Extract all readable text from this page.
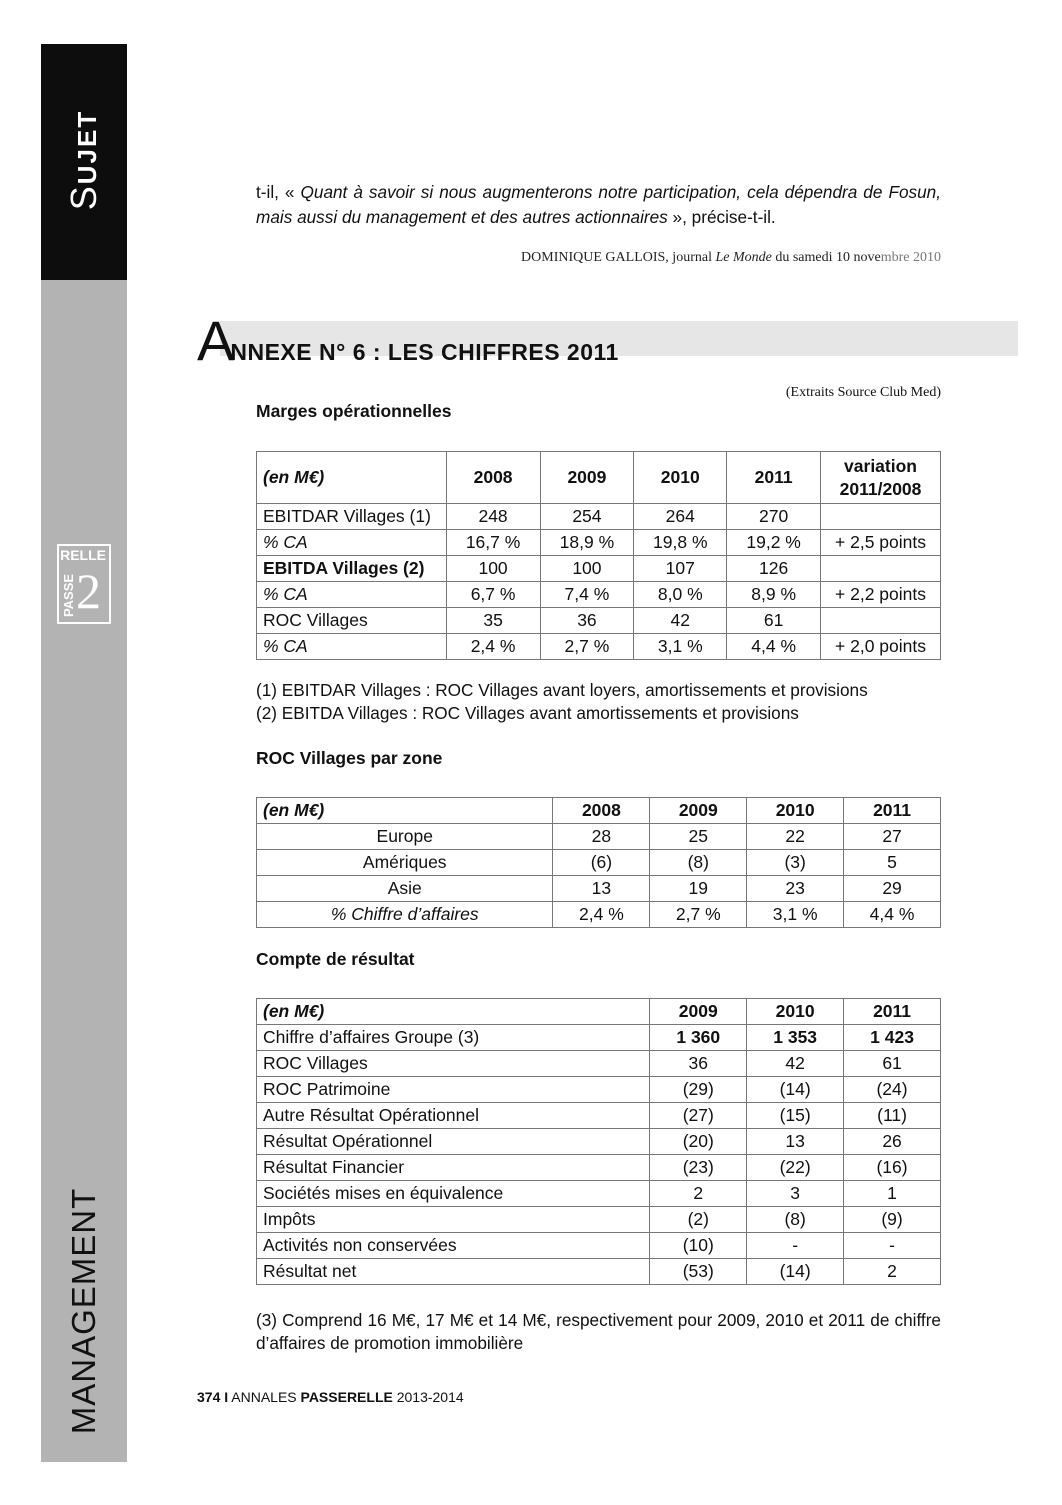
SUJET
RELLE
PASSE 2
MANAGEMENT
t-il, « Quant à savoir si nous augmenterons notre participation, cela dépendra de Fosun, mais aussi du management et des autres actionnaires », précise-t-il.
DOMINIQUE GALLOIS, journal Le Monde du samedi 10 novembre 2010
ANNEXE N° 6 : LES CHIFFRES 2011
(Extraits Source Club Med)
Marges opérationnelles
(en M€)	2008	2009	2010	2011	variation
2011/2008
EBITDAR Villages (1)	248	254	264	270	
% CA	16,7 %	18,9 %	19,8 %	19,2 %	+ 2,5 points
EBITDA Villages (2)	100	100	107	126	
% CA	6,7 %	7,4 %	8,0 %	8,9 %	+ 2,2 points
ROC Villages	35	36	42	61	
% CA	2,4 %	2,7 %	3,1 %	4,4 %	+ 2,0 points
(1) EBITDAR Villages : ROC Villages avant loyers, amortissements et provisions
(2) EBITDA Villages : ROC Villages avant amortissements et provisions
ROC Villages par zone
(en M€)	2008	2009	2010	2011
Europe	28	25	22	27
Amériques	(6)	(8)	(3)	5
Asie	13	19	23	29
% Chiffre d’affaires	2,4 %	2,7 %	3,1 %	4,4 %
Compte de résultat
(en M€)	2009	2010	2011
Chiffre d’affaires Groupe (3)	1 360	1 353	1 423
ROC Villages	36	42	61
ROC Patrimoine	(29)	(14)	(24)
Autre Résultat Opérationnel	(27)	(15)	(11)
Résultat Opérationnel	(20)	13	26
Résultat Financier	(23)	(22)	(16)
Sociétés mises en équivalence	2	3	1
Impôts	(2)	(8)	(9)
Activités non conservées	(10)	-	-
Résultat net	(53)	(14)	2
(3) Comprend 16 M€, 17 M€ et 14 M€, respectivement pour 2009, 2010 et 2011 de chiffre d’affaires de promotion immobilière
374 I ANNALES PASSERELLE 2013-2014
